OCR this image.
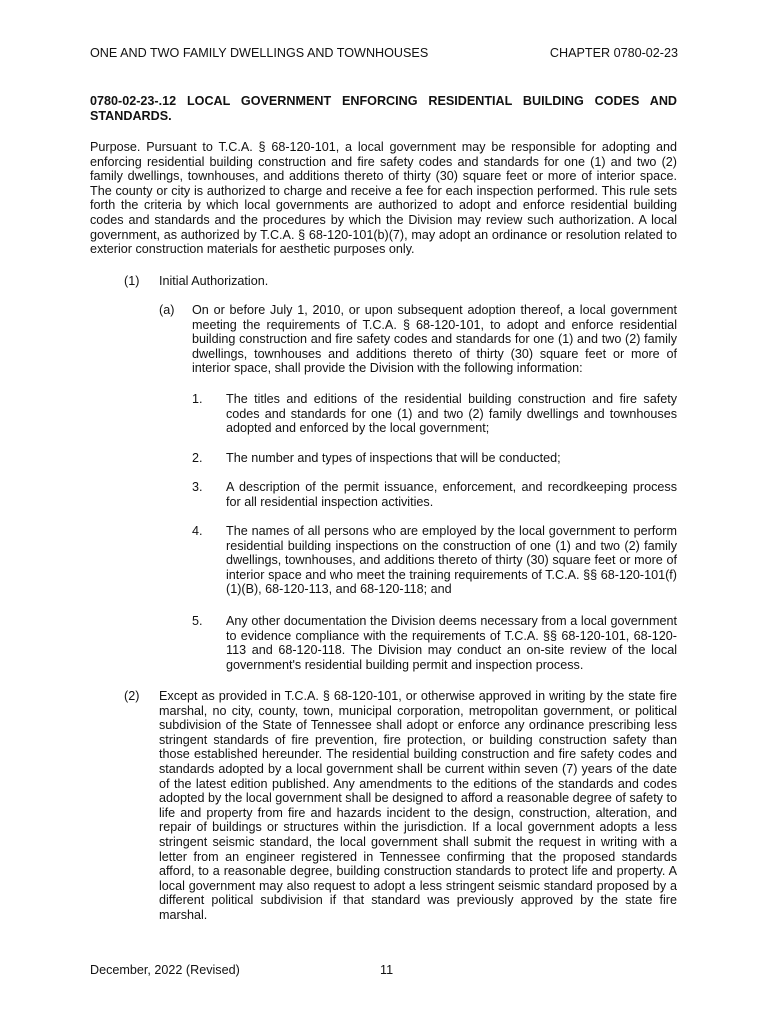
ONE AND TWO FAMILY DWELLINGS AND TOWNHOUSES	CHAPTER 0780-02-23
0780-02-23-.12 LOCAL GOVERNMENT ENFORCING RESIDENTIAL BUILDING CODES AND STANDARDS.
Purpose. Pursuant to T.C.A. § 68-120-101, a local government may be responsible for adopting and enforcing residential building construction and fire safety codes and standards for one (1) and two (2) family dwellings, townhouses, and additions thereto of thirty (30) square feet or more of interior space. The county or city is authorized to charge and receive a fee for each inspection performed. This rule sets forth the criteria by which local governments are authorized to adopt and enforce residential building codes and standards and the procedures by which the Division may review such authorization. A local government, as authorized by T.C.A. § 68-120-101(b)(7), may adopt an ordinance or resolution related to exterior construction materials for aesthetic purposes only.
(1) Initial Authorization.
(a) On or before July 1, 2010, or upon subsequent adoption thereof, a local government meeting the requirements of T.C.A. § 68-120-101, to adopt and enforce residential building construction and fire safety codes and standards for one (1) and two (2) family dwellings, townhouses and additions thereto of thirty (30) square feet or more of interior space, shall provide the Division with the following information:
1. The titles and editions of the residential building construction and fire safety codes and standards for one (1) and two (2) family dwellings and townhouses adopted and enforced by the local government;
2. The number and types of inspections that will be conducted;
3. A description of the permit issuance, enforcement, and recordkeeping process for all residential inspection activities.
4. The names of all persons who are employed by the local government to perform residential building inspections on the construction of one (1) and two (2) family dwellings, townhouses, and additions thereto of thirty (30) square feet or more of interior space and who meet the training requirements of T.C.A. §§ 68-120-101(f)(1)(B), 68-120-113, and 68-120-118; and
5. Any other documentation the Division deems necessary from a local government to evidence compliance with the requirements of T.C.A. §§ 68-120-101, 68-120-113 and 68-120-118. The Division may conduct an on-site review of the local government's residential building permit and inspection process.
(2) Except as provided in T.C.A. § 68-120-101, or otherwise approved in writing by the state fire marshal, no city, county, town, municipal corporation, metropolitan government, or political subdivision of the State of Tennessee shall adopt or enforce any ordinance prescribing less stringent standards of fire prevention, fire protection, or building construction safety than those established hereunder. The residential building construction and fire safety codes and standards adopted by a local government shall be current within seven (7) years of the date of the latest edition published. Any amendments to the editions of the standards and codes adopted by the local government shall be designed to afford a reasonable degree of safety to life and property from fire and hazards incident to the design, construction, alteration, and repair of buildings or structures within the jurisdiction. If a local government adopts a less stringent seismic standard, the local government shall submit the request in writing with a letter from an engineer registered in Tennessee confirming that the proposed standards afford, to a reasonable degree, building construction standards to protect life and property. A local government may also request to adopt a less stringent seismic standard proposed by a different political subdivision if that standard was previously approved by the state fire marshal.
December, 2022 (Revised)	11
